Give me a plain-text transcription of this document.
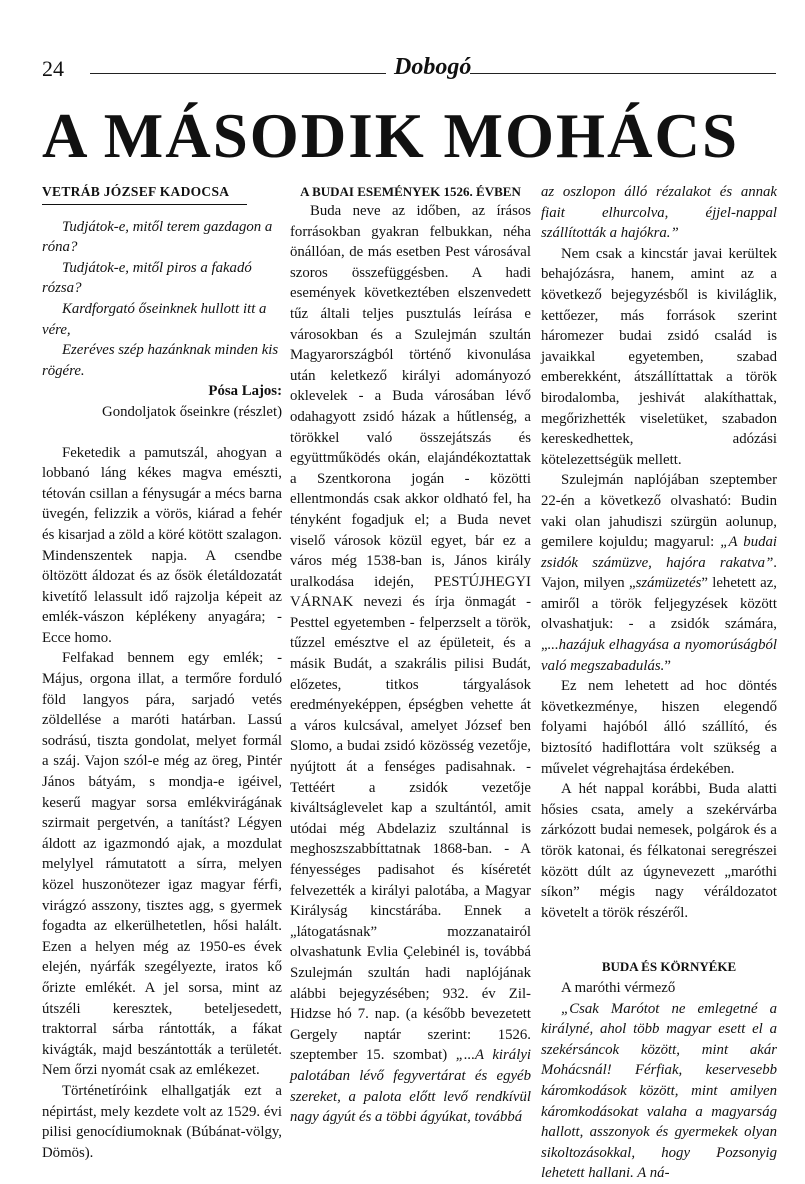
24	Dobogó
A MÁSODIK MOHÁCS
VETRÁB JÓZSEF KADOCSA

Tudjátok-e, mitől terem gazdagon a róna?

Tudjátok-e, mitől piros a fakadó rózsa?

Kardforgató őseinknek hullott itt a vére,

Ezeréves szép hazánknak minden kis rögére.

Pósa Lajos:

Gondoljatok őseinkre (részlet)

Feketedik a pamutszál, ahogyan a lobbanó láng kékes magva emészti, tétován csillan a fénysugár a mécs barna üvegén, felizzik a vörös, kiárad a fehér és kisarjad a zöld a köré kötött szalagon. Mindenszentek napja. A csendbe öltözött áldozat és az ősök életáldozatát kivetítő lelassult idő rajzolja képeit az emlék-vászon képlékeny anyagára; - Ecce homo.

Felfakad bennem egy emlék; - Május, orgona illat, a termőre forduló föld langyos pára, sarjadó vetés zöldellése a maróti határban. Lassú sodrású, tiszta gondolat, melyet formál a száj. Vajon szól-e még az öreg, Pintér János bátyám, s mondja-e igéivel, keserű magyar sorsa emlékvirágának szirmait pergetvén, a tanítást? Légyen áldott az igazmondó ajak, a mozdulat melylyel rámutatott a sírra, melyen közel huszonötezer igaz magyar férfi, virágzó asszony, tisztes agg, s gyermek fogadta az elkerülhetetlen, hősi halált. Ezen a helyen még az 1950-es évek elején, nyárfák szegélyezte, iratos kő őrizte emlékét. A jel sorsa, mint az útszéli keresztek, beteljesedett, traktorral sárba rántották, a fákat kivágták, majd beszántották a területét. Nem őrzi nyomát csak az emlékezet.

Történetíróink elhallgatják ezt a népirtást, mely kezdete volt az 1529. évi pilisi genocídiumoknak (Búbánat-völgy, Dömös).

A BUDAI ESEMÉNYEK 1526. ÉVBEN

Buda neve az időben, az írásos forrásokban gyakran felbukkan, néha önállóan, de más esetben Pest városával szoros összefüggésben. A hadi események következtében elszenvedett tűz általi teljes pusztulás leírása e városokban és a Szulejmán szultán Magyarországból történő kivonulása után keletkező királyi adományozó oklevelek - a Buda városában lévő odahagyott zsidó házak a hűtlenség, a törökkel való összejátszás és együttműködés okán, elajándékoztattak a Szentkorona jogán - közötti ellentmondás csak akkor oldható fel, ha tényként fogadjuk el; a Buda nevet viselő városok közül egyet, bár ez a város még 1538-ban is, János király uralkodása idején, PESTÚJHEGYI VÁRNAK nevezi és írja önmagát - Pesttel egyetemben - felperzselt a török, tűzzel emésztve el az épületeit, és a másik Budát, a szakrális pilisi Budát, előzetes, titkos tárgyalások eredményeképpen, épségben vehette át a város kulcsával, amelyet József ben Slomo, a budai zsidó közösség vezetője, nyújtott át a fenséges padisahnak. - Tettéért a zsidók vezetője kiváltságlevelet kap a szultántól, amit utódai még Abdelaziz szultánnal is meghoszszabbíttatnak 1868-ban. - A fényességes padisahot és kíséretét felvezették a királyi palotába, a Magyar Királyság kincstárába. Ennek a „látogatásnak” mozzanatairól olvashatunk Evlia Çelebinél is, továbbá Szulejmán szultán hadi naplójának alábbi bejegyzésében; 932. év Zil-Hidzse hó 7. nap. (a később bevezetett Gergely naptár szerint: 1526. szeptember 15. szombat) „...A királyi palotában lévő fegyvertárat és egyéb szereket, a palota előtt levő rendkívül nagy ágyút és a többi ágyúkat, továbbá

az oszlopon álló rézalakot és annak fiait elhurcolva, éjjel-nappal szállították a hajókra.”

Nem csak a kincstár javai kerültek behajózásra, hanem, amint az a következő bejegyzésből is kiviláglik, kettőezer, más források szerint háromezer budai zsidó család is javaikkal egyetemben, szabad emberekként, átszállíttattak a török birodalomba, jeshivát alakíthattak, megőrizhették viseletüket, szabadon kereskedhettek, adózási kötelezettségük mellett.

Szulejmán naplójában szeptember 22-én a következő olvasható: Budin vaki olan jahudiszi szürgün aolunup, gemilere kojuldu; magyarul: „A budai zsidók számüzve, hajóra rakatva”. Vajon, milyen „számüzetés” lehetett az, amiről a török feljegyzések között olvashatjuk: - a zsidók számára, „...hazájuk elhagyása a nyomorúságból való megszabadulás.”

Ez nem lehetett ad hoc döntés következménye, hiszen elegendő folyami hajóból álló szállító, és biztosító hadiflottára volt szükség a művelet végrehajtása érdekében.

A hét nappal korábbi, Buda alatti hősies csata, amely a szekérvárba zárkózott budai nemesek, polgárok és a török katonai, és félkatonai seregrészei között dúlt az úgynevezett „maróthi síkon” mégis nagy véráldozatot követelt a török részéről.

BUDA ÉS KÖRNYÉKE

A maróthi vérmező

„Csak Marótot ne emlegetné a királyné, ahol több magyar esett el a szekérsáncok között, mint akár Mohácsnál! Férfiak, keservesebb káromkodások között, mint amilyen káromkodásokat valaha a magyarság hallott, asszonyok és gyermekek olyan sikoltozásokkal, hogy Pozsonyig lehetett hallani. A ná-
